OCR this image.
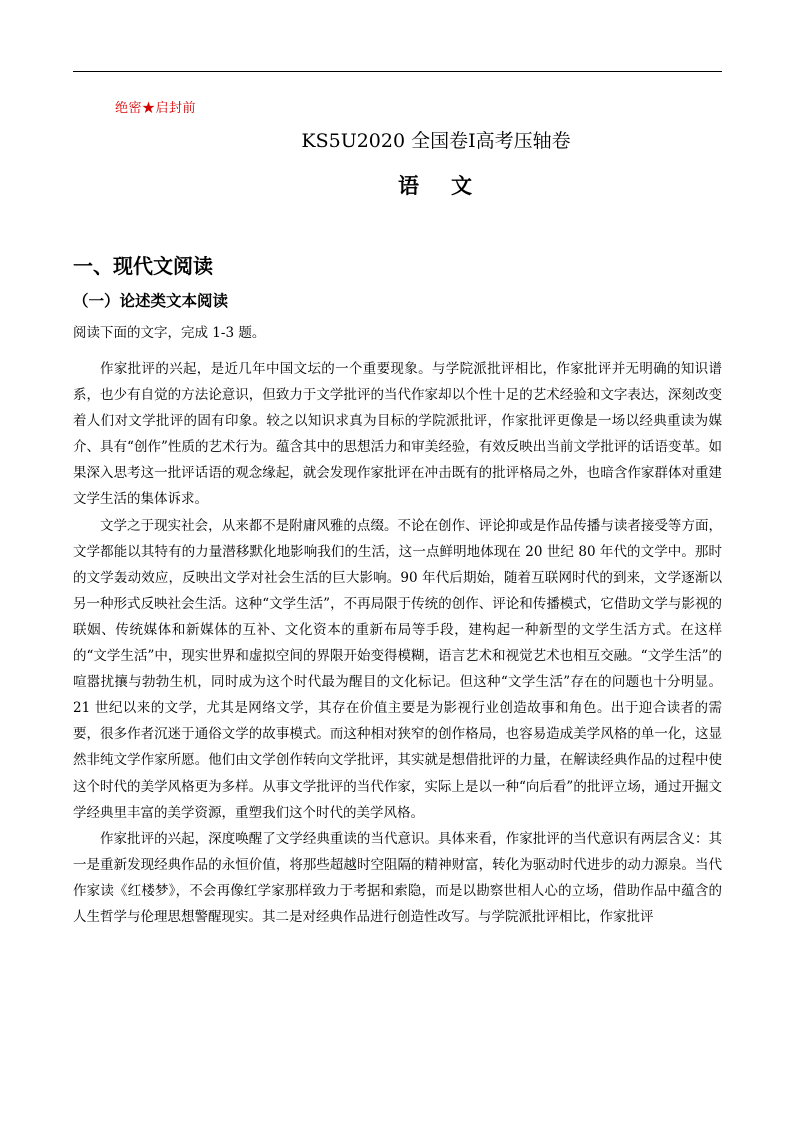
绝密★启封前
KS5U2020 全国卷Ⅰ高考压轴卷
语 文
一、现代文阅读
（一）论述类文本阅读
阅读下面的文字，完成 1-3 题。

作家批评的兴起，是近几年中国文坛的一个重要现象。与学院派批评相比，作家批评并无明确的知识谱系，也少有自觉的方法论意识，但致力于文学批评的当代作家却以个性十足的艺术经验和文字表达，深刻改变着人们对文学批评的固有印象。较之以知识求真为目标的学院派批评，作家批评更像是一场以经典重读为媒介、具有“创作”性质的艺术行为。蕴含其中的思想活力和审美经验，有效反映出当前文学批评的话语变革。如果深入思考这一批评话语的观念缘起，就会发现作家批评在冲击既有的批评格局之外，也暗含作家群体对重建文学生活的集体诉求。

文学之于现实社会，从来都不是附庸风雅的点缀。不论在创作、评论抑或是作品传播与读者接受等方面，文学都能以其特有的力量潜移默化地影响我们的生活，这一点鲜明地体现在 20 世纪 80 年代的文学中。那时的文学轰动效应，反映出文学对社会生活的巨大影响。90 年代后期始，随着互联网时代的到来，文学逐渐以另一种形式反映社会生活。这种“文学生活”，不再局限于传统的创作、评论和传播模式，它借助文学与影视的联姻、传统媒体和新媒体的互补、文化资本的重新布局等手段，建构起一种新型的文学生活方式。在这样的“文学生活”中，现实世界和虚拟空间的界限开始变得模糊，语言艺术和视觉艺术也相互交融。“文学生活”的喧嚣扰攘与勃勃生机，同时成为这个时代最为醒目的文化标记。但这种“文学生活”存在的问题也十分明显。21 世纪以来的文学，尤其是网络文学，其存在价值主要是为影视行业创造故事和角色。出于迎合读者的需要，很多作者沉迷于通俗文学的故事模式。而这种相对狭窄的创作格局，也容易造成美学风格的单一化，这显然非纯文学作家所愿。他们由文学创作转向文学批评，其实就是想借批评的力量，在解读经典作品的过程中使这个时代的美学风格更为多样。从事文学批评的当代作家，实际上是以一种“向后看”的批评立场，通过开掘文学经典里丰富的美学资源，重塑我们这个时代的美学风格。

作家批评的兴起，深度唤醒了文学经典重读的当代意识。具体来看，作家批评的当代意识有两层含义：其一是重新发现经典作品的永恒价值，将那些超越时空阻隔的精神财富，转化为驱动时代进步的动力源泉。当代作家读《红楼梦》，不会再像红学家那样致力于考据和索隐，而是以勘察世相人心的立场，借助作品中蕴含的人生哲学与伦理思想警醒现实。其二是对经典作品进行创造性改写。与学院派批评相比，作家批评
